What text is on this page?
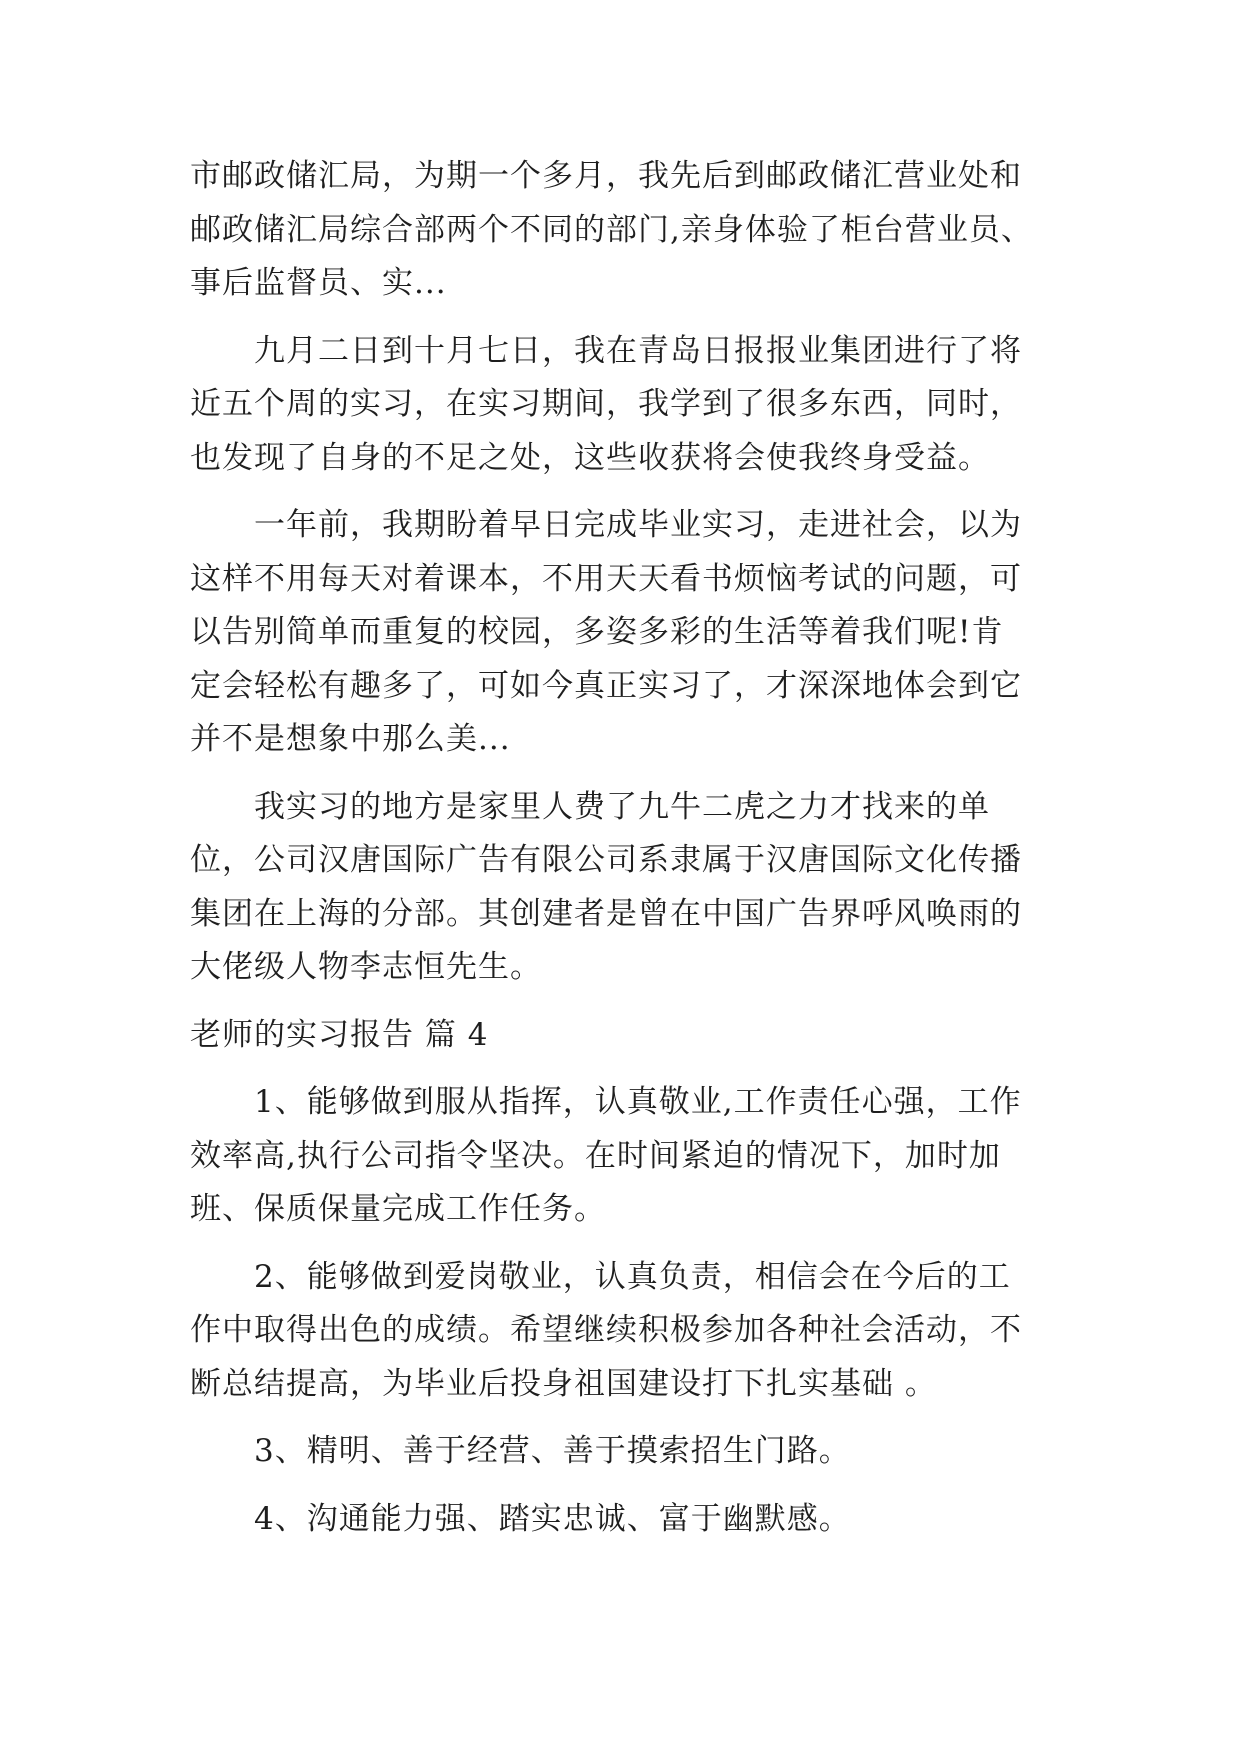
市邮政储汇局，为期一个多月，我先后到邮政储汇营业处和
邮政储汇局综合部两个不同的部门,亲身体验了柜台营业员、
事后监督员、实...

九月二日到十月七日，我在青岛日报报业集团进行了将
近五个周的实习，在实习期间，我学到了很多东西，同时，
也发现了自身的不足之处，这些收获将会使我终身受益。

一年前，我期盼着早日完成毕业实习，走进社会，以为
这样不用每天对着课本，不用天天看书烦恼考试的问题，可
以告别简单而重复的校园，多姿多彩的生活等着我们呢!肯
定会轻松有趣多了，可如今真正实习了，才深深地体会到它
并不是想象中那么美...

我实习的地方是家里人费了九牛二虎之力才找来的单
位，公司汉唐国际广告有限公司系隶属于汉唐国际文化传播
集团在上海的分部。其创建者是曾在中国广告界呼风唤雨的
大佬级人物李志恒先生。

老师的实习报告 篇 4

1、能够做到服从指挥，认真敬业,工作责任心强，工作
效率高,执行公司指令坚决。在时间紧迫的情况下，加时加
班、保质保量完成工作任务。

2、能够做到爱岗敬业，认真负责，相信会在今后的工
作中取得出色的成绩。希望继续积极参加各种社会活动，不
断总结提高，为毕业后投身祖国建设打下扎实基础 。

3、精明、善于经营、善于摸索招生门路。

4、沟通能力强、踏实忠诚、富于幽默感。
